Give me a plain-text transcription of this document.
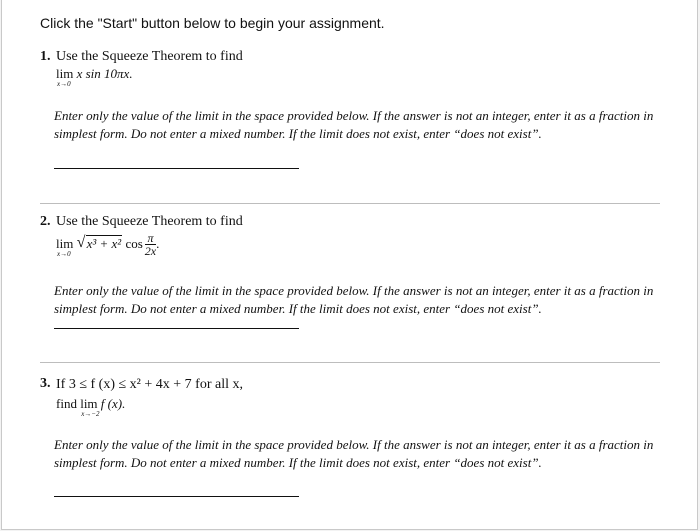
Click the "Start" button below to begin your assignment.
1. Use the Squeeze Theorem to find
lim
x→0
x sin 10πx.
Enter only the value of the limit in the space provided below. If the answer is not an integer, enter it as a fraction in simplest form. Do not enter a mixed number. If the limit does not exist, enter “does not exist”.
2. Use the Squeeze Theorem to find
lim
x→0

√ x³ + x² $\cos \frac{\pi}{2x}$ .
Enter only the value of the limit in the space provided below. If the answer is not an integer, enter it as a fraction in simplest form. Do not enter a mixed number. If the limit does not exist, enter “does not exist”.
3. If 3 ≤ f (x) ≤ x² + 4x + 7 for all x,
find lim
x→−2
f (x).
Enter only the value of the limit in the space provided below. If the answer is not an integer, enter it as a fraction in simplest form. Do not enter a mixed number. If the limit does not exist, enter “does not exist”.
